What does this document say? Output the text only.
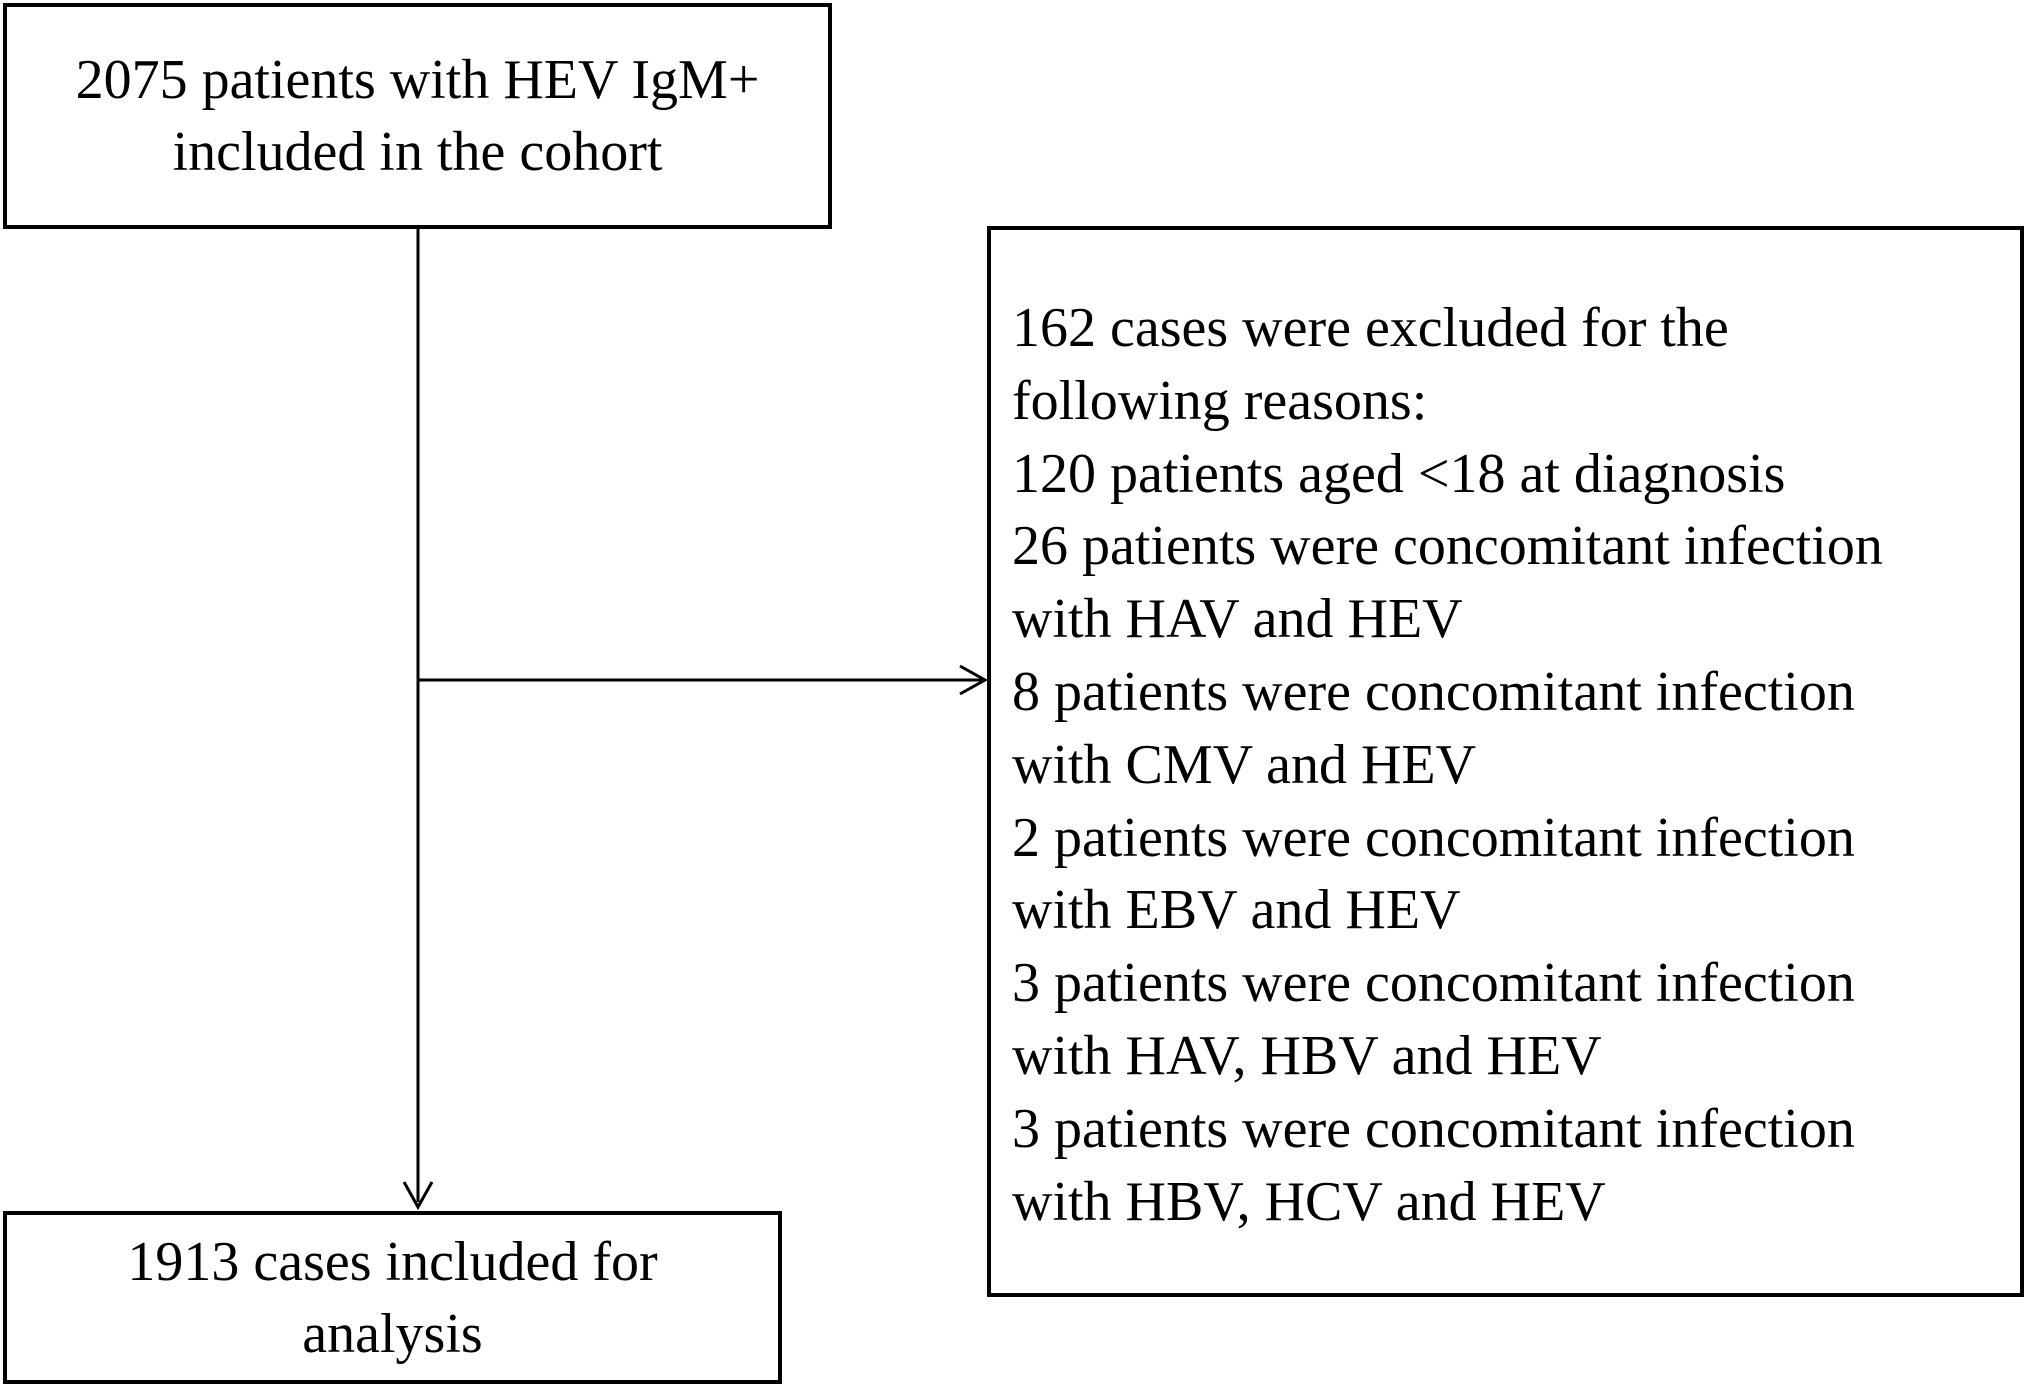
2075 patients with HEV IgM+
included in the cohort
162 cases were excluded for the
following reasons:
120 patients aged <18 at diagnosis
26 patients were concomitant infection
with HAV and HEV
8 patients were concomitant infection
with CMV and HEV
2 patients were concomitant infection
with EBV and HEV
3 patients were concomitant infection
with HAV, HBV and HEV
3 patients were concomitant infection
with HBV, HCV and HEV
1913 cases included for
analysis
